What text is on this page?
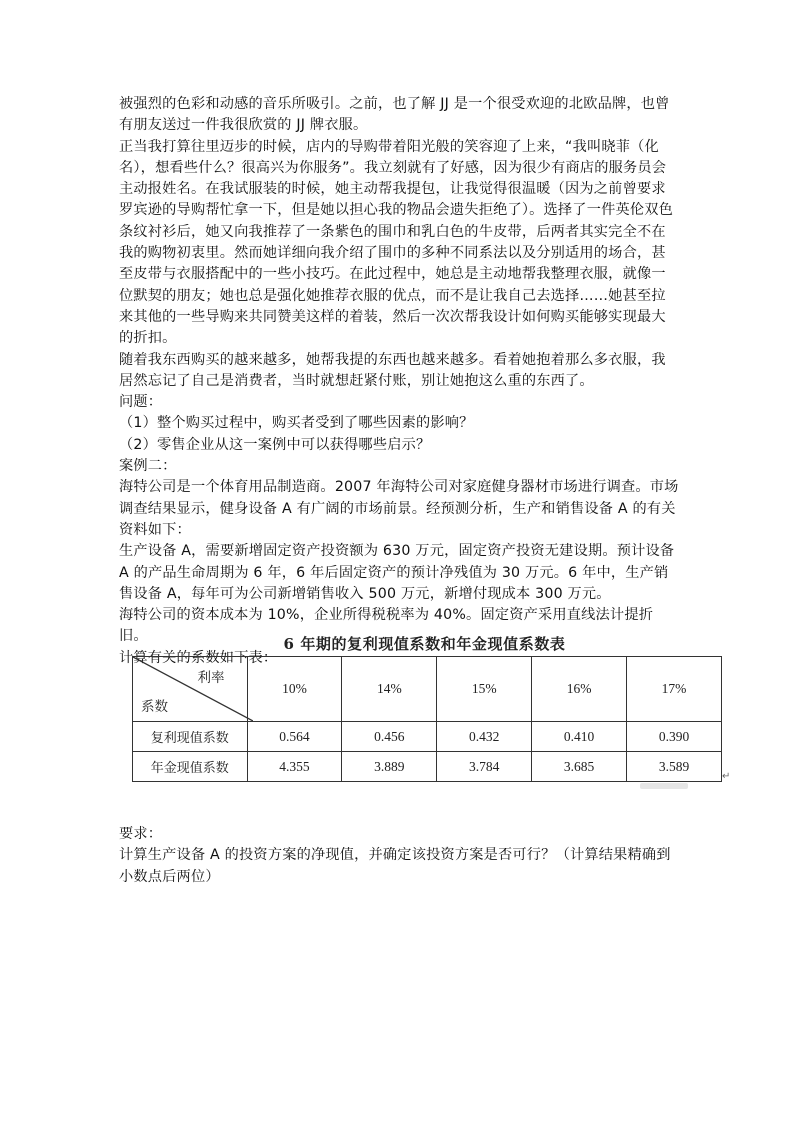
被强烈的色彩和动感的音乐所吸引。之前，也了解 JJ 是一个很受欢迎的北欧品牌，也曾有朋友送过一件我很欣赏的 JJ 牌衣服。

正当我打算往里迈步的时候，店内的导购带着阳光般的笑容迎了上来，“我叫晓菲（化名），想看些什么？很高兴为你服务”。我立刻就有了好感，因为很少有商店的服务员会主动报姓名。在我试服装的时候，她主动帮我提包，让我觉得很温暖（因为之前曾要求罗宾逊的导购帮忙拿一下，但是她以担心我的物品会遗失拒绝了）。选择了一件英伦双色条纹衬衫后，她又向我推荐了一条紫色的围巾和乳白色的牛皮带，后两者其实完全不在我的购物初衷里。然而她详细向我介绍了围巾的多种不同系法以及分别适用的场合，甚至皮带与衣服搭配中的一些小技巧。在此过程中，她总是主动地帮我整理衣服，就像一位默契的朋友；她也总是强化她推荐衣服的优点，而不是让我自己去选择……她甚至拉来其他的一些导购来共同赞美这样的着装，然后一次次帮我设计如何购买能够实现最大的折扣。

随着我东西购买的越来越多，她帮我提的东西也越来越多。看着她抱着那么多衣服，我居然忘记了自己是消费者，当时就想赶紧付账，别让她抱这么重的东西了。

问题：

（1）整个购买过程中，购买者受到了哪些因素的影响？

（2）零售企业从这一案例中可以获得哪些启示？

案例二：

海特公司是一个体育用品制造商。2007 年海特公司对家庭健身器材市场进行调查。市场调查结果显示，健身设备 A 有广阔的市场前景。经预测分析，生产和销售设备 A 的有关资料如下：

生产设备 A，需要新增固定资产投资额为 630 万元，固定资产投资无建设期。预计设备 A 的产品生命周期为 6 年，6 年后固定资产的预计净残值为 30 万元。6 年中，生产销售设备 A，每年可为公司新增销售收入 500 万元，新增付现成本 300 万元。

海特公司的资本成本为 10%，企业所得税税率为 40%。固定资产采用直线法计提折旧。

计算有关的系数如下表：

6 年期的复利现值系数和年金现值系数表
利率
系数	10%	14%	15%	16%	17%
复利现值系数	0.564	0.456	0.432	0.410	0.390
年金现值系数	4.355	3.889	3.784	3.685	3.589
↵

要求：

计算生产设备 A 的投资方案的净现值，并确定该投资方案是否可行？（计算结果精确到小数点后两位）
